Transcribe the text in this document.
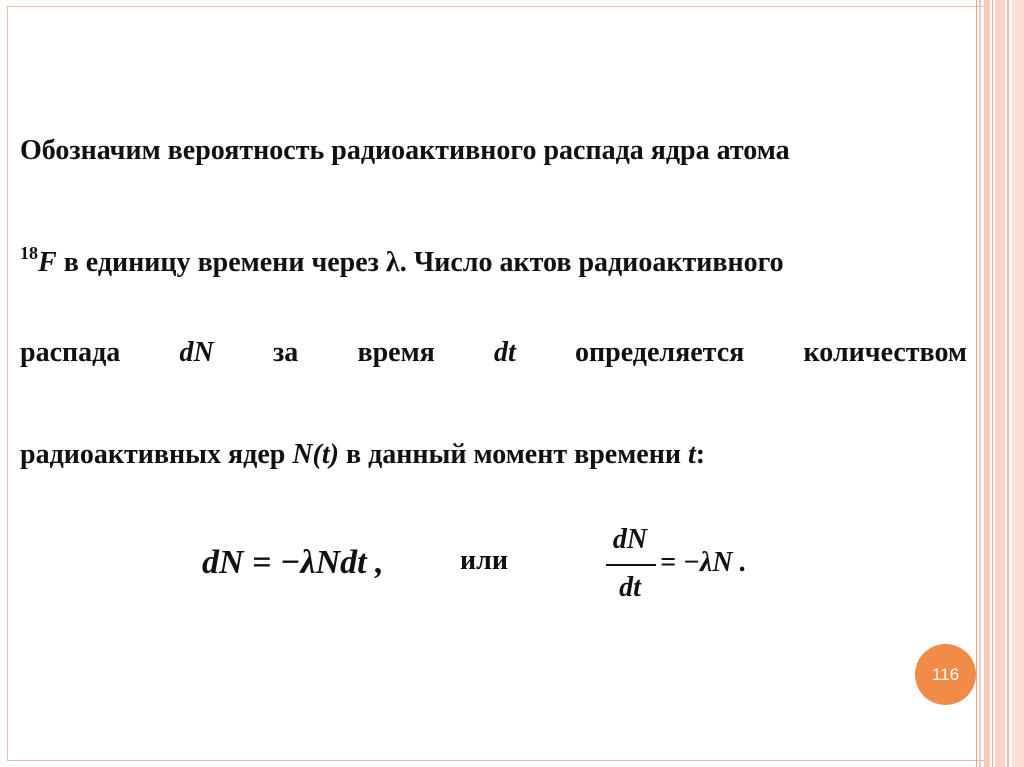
Обозначим вероятность радиоактивного распада ядра атома
$^{18}$F в единицу времени через λ. Число актов радиоактивного
распада dN за время dt определяется количеством
радиоактивных ядер N(t) в данный момент времени t:
dN = −λNdt ,	или
dN
dt
= −λN .
116
